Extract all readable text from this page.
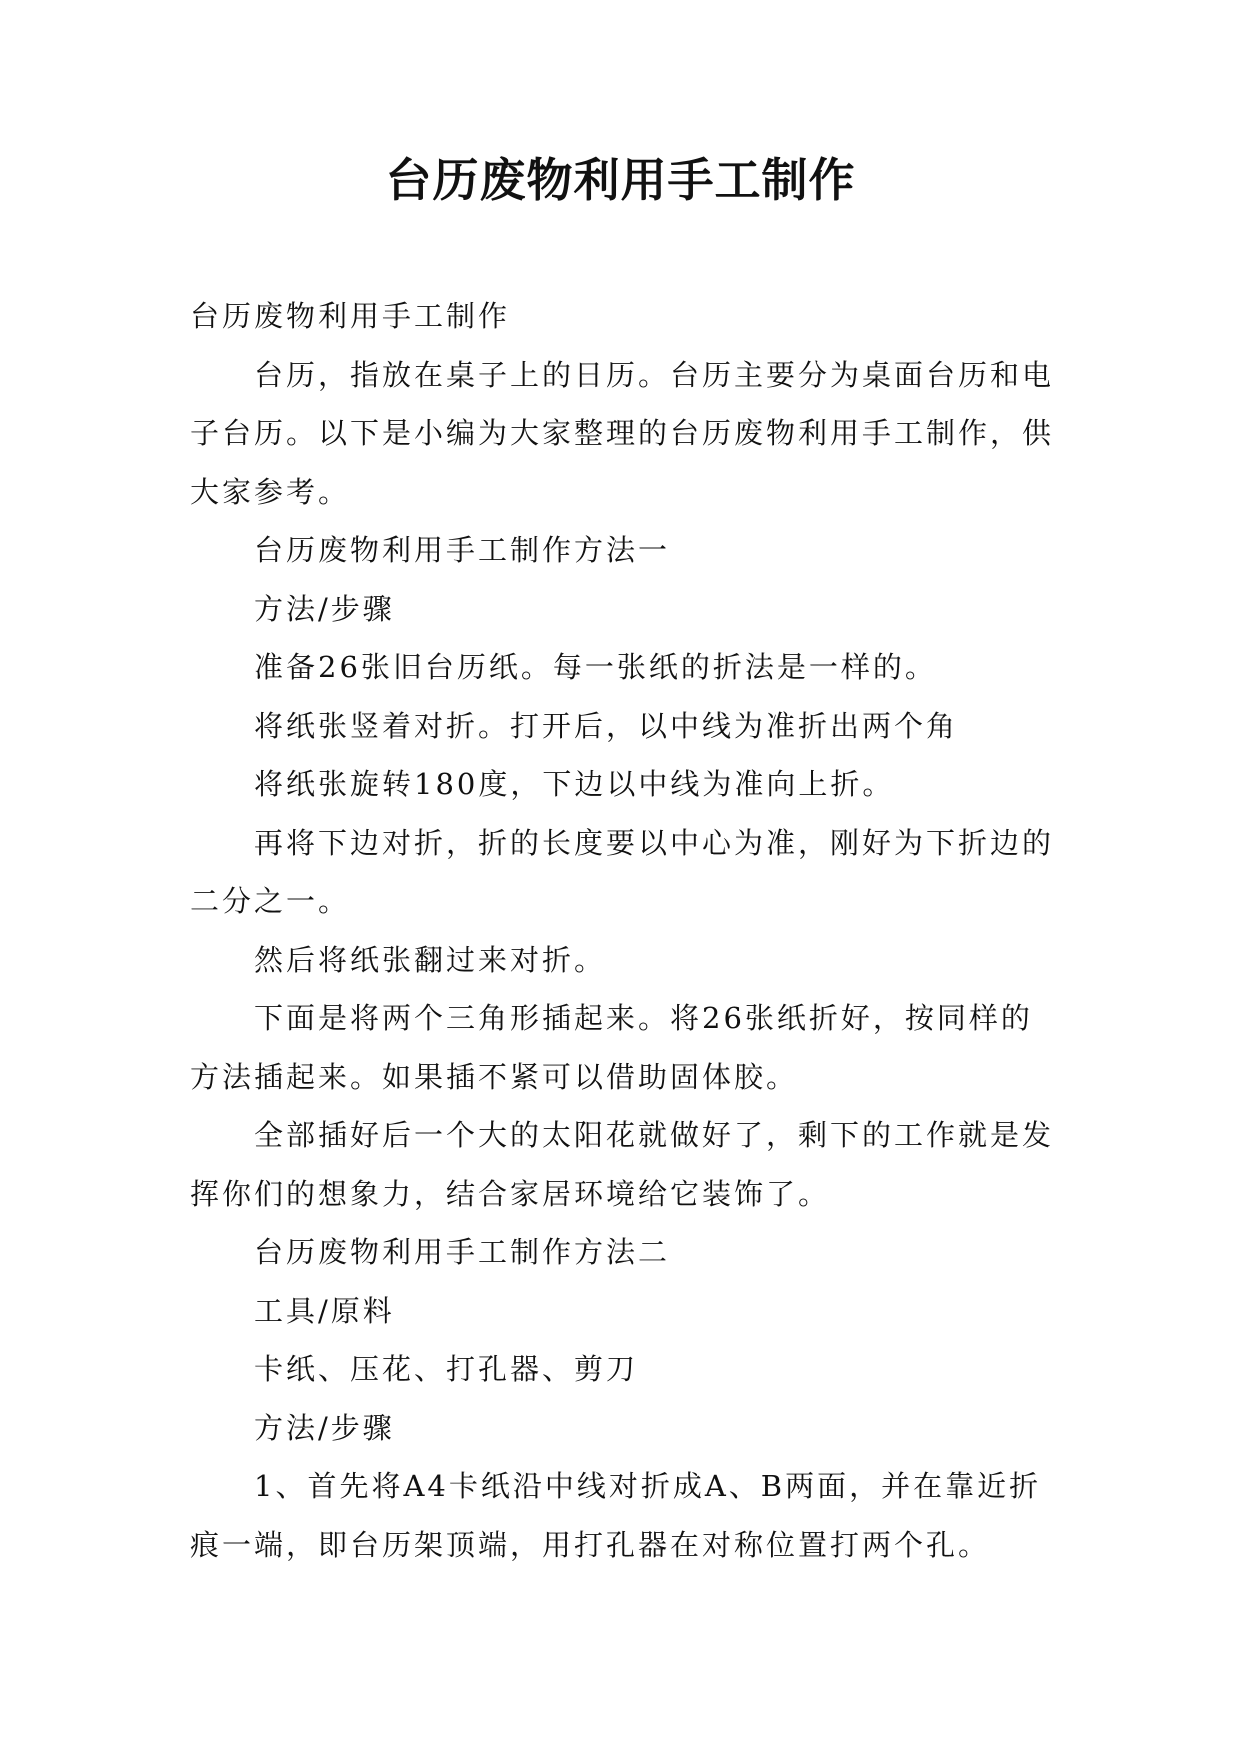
台历废物利用手工制作

台历废物利用手工制作

台历，指放在桌子上的日历。台历主要分为桌面台历和电子台历。以下是小编为大家整理的台历废物利用手工制作，供大家参考。

台历废物利用手工制作方法一

方法/步骤

准备26张旧台历纸。每一张纸的折法是一样的。

将纸张竖着对折。打开后，以中线为准折出两个角

将纸张旋转180度，下边以中线为准向上折。

再将下边对折，折的长度要以中心为准，刚好为下折边的二分之一。

然后将纸张翻过来对折。

下面是将两个三角形插起来。将26张纸折好，按同样的方法插起来。如果插不紧可以借助固体胶。

全部插好后一个大的太阳花就做好了，剩下的工作就是发挥你们的想象力，结合家居环境给它装饰了。

台历废物利用手工制作方法二

工具/原料

卡纸、压花、打孔器、剪刀

方法/步骤

1、首先将A4卡纸沿中线对折成A、B两面，并在靠近折痕一端，即台历架顶端，用打孔器在对称位置打两个孔。
